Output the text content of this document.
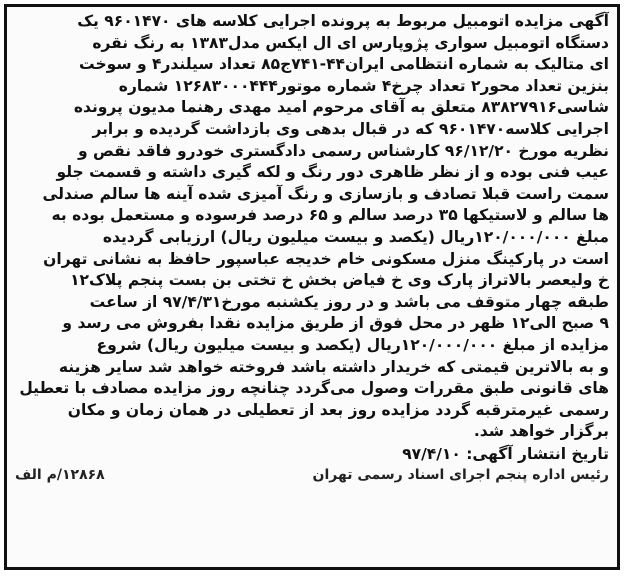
آگهی مزایده اتومبیل مربوط به پرونده اجرایی کلاسه های ۹۶۰۱۴۷۰ یک
دستگاه اتومبیل سواری پژوپارس ای ال ایکس مدل۱۳۸۳ به رنگ نقره
ای متالیک به شماره انتظامی ایران۴۴-۷۴۱ج۸۵ تعداد سیلندر۴ و سوخت
بنزین تعداد محور۲ تعداد چرخ۴ شماره موتور۱۲۶۸۳۰۰۰۴۴۴ شماره
شاسی۸۳۸۲۷۹۱۶ متعلق به آقای مرحوم امید مهدی رهنما مدیون پرونده
اجرایی کلاسه۹۶۰۱۴۷۰ که در قبال بدهی وی بازداشت گردیده و برابر
نظریه مورخ ۹۶/۱۲/۲۰ کارشناس رسمی دادگستری خودرو فاقد نقص و
عیب فنی بوده و از نظر ظاهری دور رنگ و لکه گیری داشته و قسمت جلو
سمت راست قبلا تصادف و بازسازی و رنگ آمیزی شده آینه ها سالم صندلی
ها سالم و لاستیکها ۳۵ درصد سالم و ۶۵ درصد فرسوده و مستعمل بوده به
مبلغ ۱۲۰/۰۰۰/۰۰۰ریال (یکصد و بیست میلیون ریال) ارزیابی گردیده
است در پارکینگ منزل مسکونی خام خدیجه عباسپور حافظ به نشانی تهران
خ ولیعصر بالاتراز پارک وی خ فیاض بخش خ تختی بن بست پنجم پلاک۱۲
طبقه چهار متوقف می باشد و در روز یکشنبه مورخ۹۷/۴/۳۱ از ساعت
۹ صبح الی۱۲ ظهر در محل فوق از طریق مزایده نقدا بفروش می رسد و
مزایده از مبلغ ۱۲۰/۰۰۰/۰۰۰ریال (یکصد و بیست میلیون ریال) شروع
و به بالاترین قیمتی که خریدار داشته باشد فروخته خواهد شد سایر هزینه
های قانونی طبق مقررات وصول می‌گردد چنانچه روز مزایده مصادف با تعطیل
رسمی غیرمترقبه گردد مزایده روز بعد از تعطیلی در همان زمان و مکان
برگزار خواهد شد.
تاریخ انتشار آگهی: ۹۷/۴/۱۰
رئیس اداره پنجم اجرای اسناد رسمی تهران
۱۲۸۶۸/م الف
